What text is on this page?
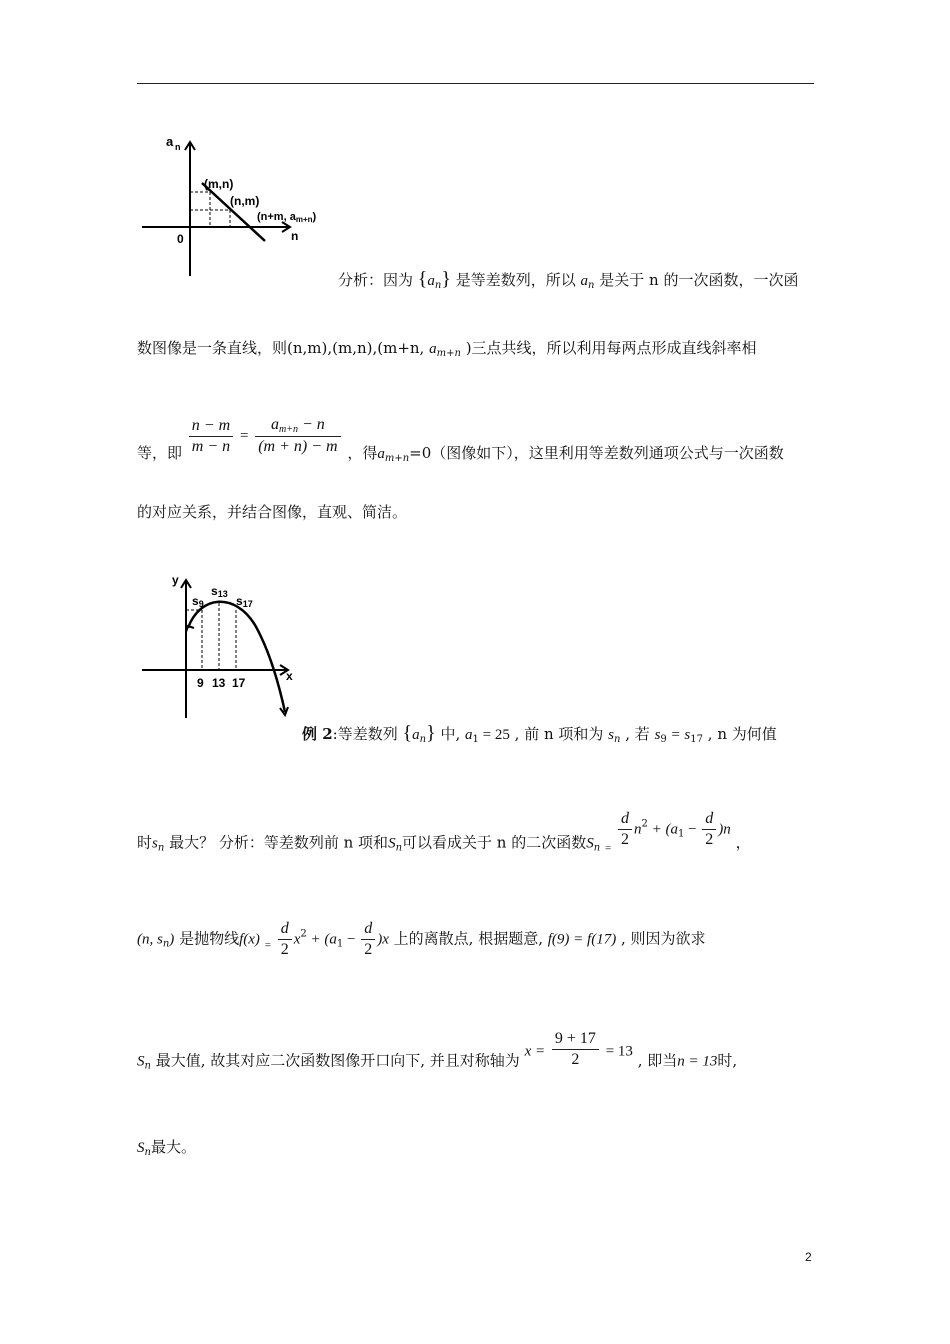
a n
n
0
(m,n)
(n,m)
(n+m, am+n)
分析：因为 $\{a_n\}$ 是等差数列，所以 $a_n$ 是关于 n 的一次函数，一次函
数图像是一条直线，则(n,m),(m,n),(m+n, $a_{m+n}$ )三点共线，所以利用每两点形成直线斜率相
等，即 $\frac{n - m}{m - n} = \frac{a_{m+n} - n}{(m + n) - m}$ ，得$a_{m+n}=0$（图像如下），这里利用等差数列通项公式与一次函数
的对应关系，并结合图像，直观、简洁。
y
x
s9
s13 s17
9 13 17
例 2:等差数列 $\{a_n\}$ 中, $a_1 = 25$ , 前 n 项和为 $s_n$ , 若 $s_9 = s_{17}$ , n 为何值
时$s_n$ 最大？ 分析：等差数列前 n 项和$S_n$可以看成关于 n 的二次函数$S_n$ $_= \frac{d}{2} n^2 + (a_1 - \frac{d}{2} )n$ ，
(n, $s_n$) 是抛物线f(x) $_= \frac{d}{2} x^2 + (a_1 - \frac{d}{2} )x$ 上的离散点, 根据题意, f(9) = f(17) , 则因为欲求
$S_n$ 最大值, 故其对应二次函数图像开口向下, 并且对称轴为 $x = \frac{9 + 17}{2} = 13$ , 即当n = 13时,
$S_n$最大。
2
